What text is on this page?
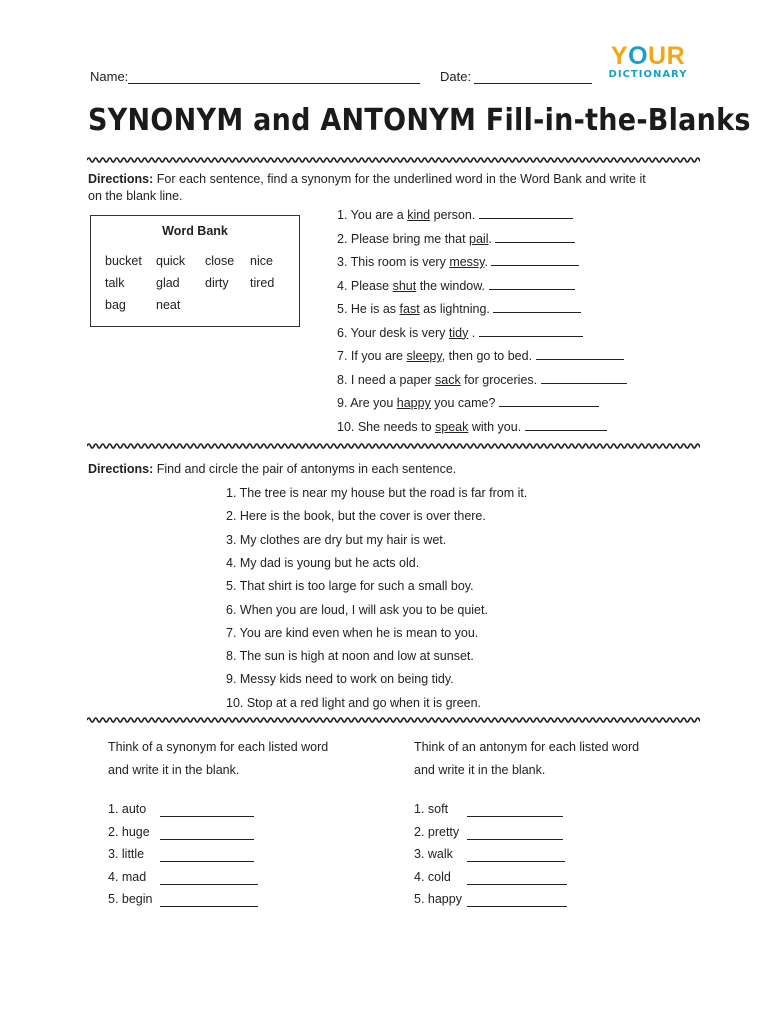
Name:	Date:
YOUR
DICTIONARY
SYNONYM and ANTONYM Fill-in-the-Blanks
Directions: For each sentence, find a synonym for the underlined word in the Word Bank and write it
on the blank line.
Word Bank
bucket quick close nice
talk	glad dirty tired
bag neat
1. You are a kind person.
2. Please bring me that pail.
3. This room is very messy.
4. Please shut the window.
5. He is as fast as lightning.
6. Your desk is very tidy .
7. If you are sleepy, then go to bed.
8. I need a paper sack for groceries.
9. Are you happy you came?
10. She needs to speak with you.
Directions: Find and circle the pair of antonyms in each sentence.
1. The tree is near my house but the road is far from it.
2. Here is the book, but the cover is over there.
3. My clothes are dry but my hair is wet.
4. My dad is young but he acts old.
5. That shirt is too large for such a small boy.
6. When you are loud, I will ask you to be quiet.
7. You are kind even when he is mean to you.
8. The sun is high at noon and low at sunset.
9. Messy kids need to work on being tidy.
10. Stop at a red light and go when it is green.
Think of a synonym for each listed word
and write it in the blank.
Think of an antonym for each listed word
and write it in the blank.
1. auto
2. huge
3. little
4. mad
5. begin
1. soft
2. pretty
3. walk
4. cold
5. happy
